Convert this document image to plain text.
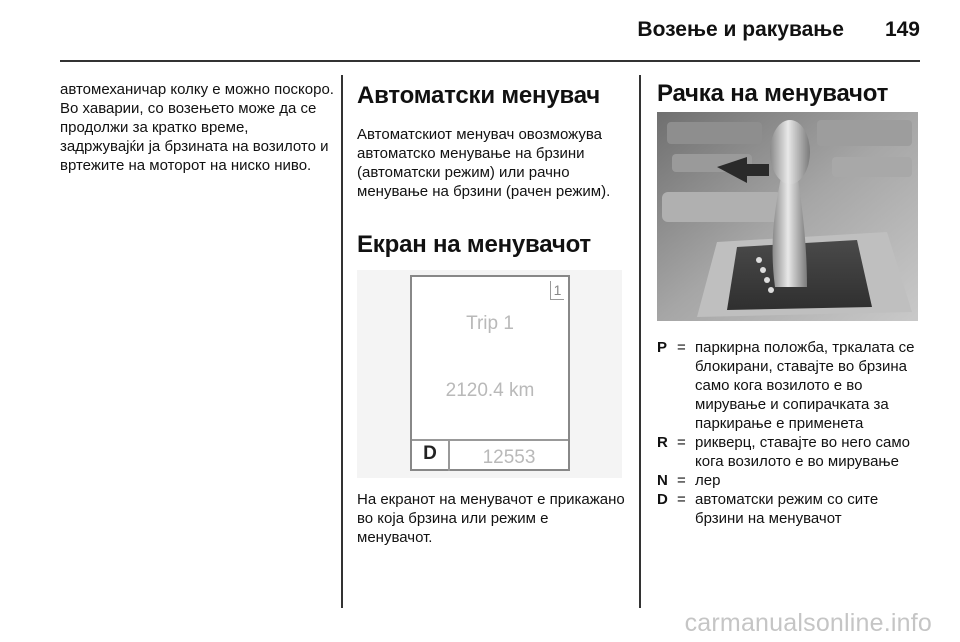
Возење и ракување 149

автомеханичар колку е можно поскоро. Во хаварии, со возењето може да се продолжи за кратко време, задржувајќи ја брзината на возилото и вртежите на моторот на ниско ниво.

Автоматски менувач

Автоматскиот менувач овозможува автоматско менување на брзини (автоматски режим) или рачно менување на брзини (рачен режим).

Екран на менувачот
1
Trip 1
2120.4 km
D	12553

На екранот на менувачот е прикажано во која брзина или режим е менувачот.

Рачка на менувачот
P = паркирна положба, тркалата се блокирани, ставајте во брзина само кога возилото е во мирување и сопирачката за паркирање е применета
R = рикверц, ставајте во него само кога возилото е во мирување
N = лер
D = автоматски режим со сите брзини на менувачот
carmanualsonline.info
